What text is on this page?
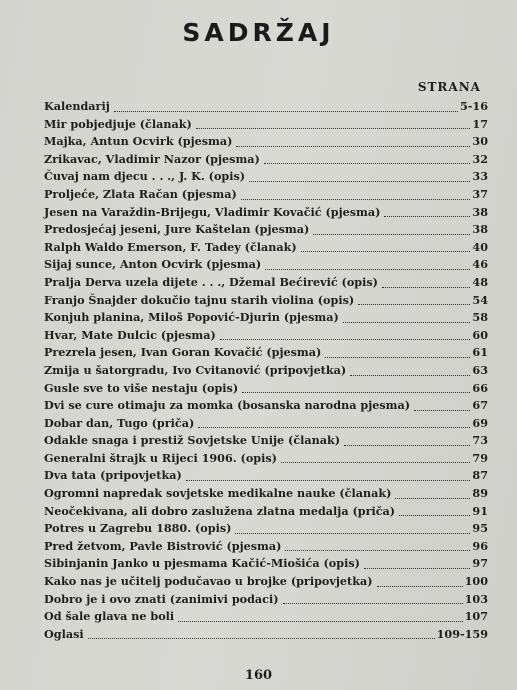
SADRŽAJ
STRANA
Kalendarij	5-16
Mir pobjedjuje (članak)	17
Majka, Antun Ocvirk (pjesma)	30
Zrikavac, Vladimir Nazor (pjesma)	32
Čuvaj nam djecu . . ., J. K. (opis)	33
Proljeće, Zlata Račan (pjesma)	37
Jesen na Varaždin-Brijegu, Vladimir Kovačić (pjesma)	38
Predosjećaj jeseni, Jure Kaštelan (pjesma)	38
Ralph Waldo Emerson, F. Tadey (članak)	40
Sijaj sunce, Anton Ocvirk (pjesma)	46
Pralja Derva uzela dijete . . ., Džemal Bećirević (opis)	48
Franjo Šnajder dokučio tajnu starih violina (opis)	54
Konjuh planina, Miloš Popović-Djurin (pjesma)	58
Hvar, Mate Dulcic (pjesma)	60
Prezrela jesen, Ivan Goran Kovačić (pjesma)	61
Zmija u šatorgradu, Ivo Cvitanović (pripovjetka)	63
Gusle sve to više nestaju (opis)	66
Dvi se cure otimaju za momka (bosanska narodna pjesma)	67
Dobar dan, Tugo (priča)	69
Odakle snaga i prestiž Sovjetske Unije (članak)	73
Generalni štrajk u Rijeci 1906. (opis)	79
Dva tata (pripovjetka)	87
Ogromni napredak sovjetske medikalne nauke (članak)	89
Neočekivana, ali dobro zaslužena zlatna medalja (priča)	91
Potres u Zagrebu 1880. (opis)	95
Pred žetvom, Pavle Bistrović (pjesma)	96
Sibinjanin Janko u pjesmama Kačić-Miošića (opis)	97
Kako nas je učitelj podučavao u brojke (pripovjetka)	100
Dobro je i ovo znati (zanimivi podaci)	103
Od šale glava ne boli	107
Oglasi	109-159
160
